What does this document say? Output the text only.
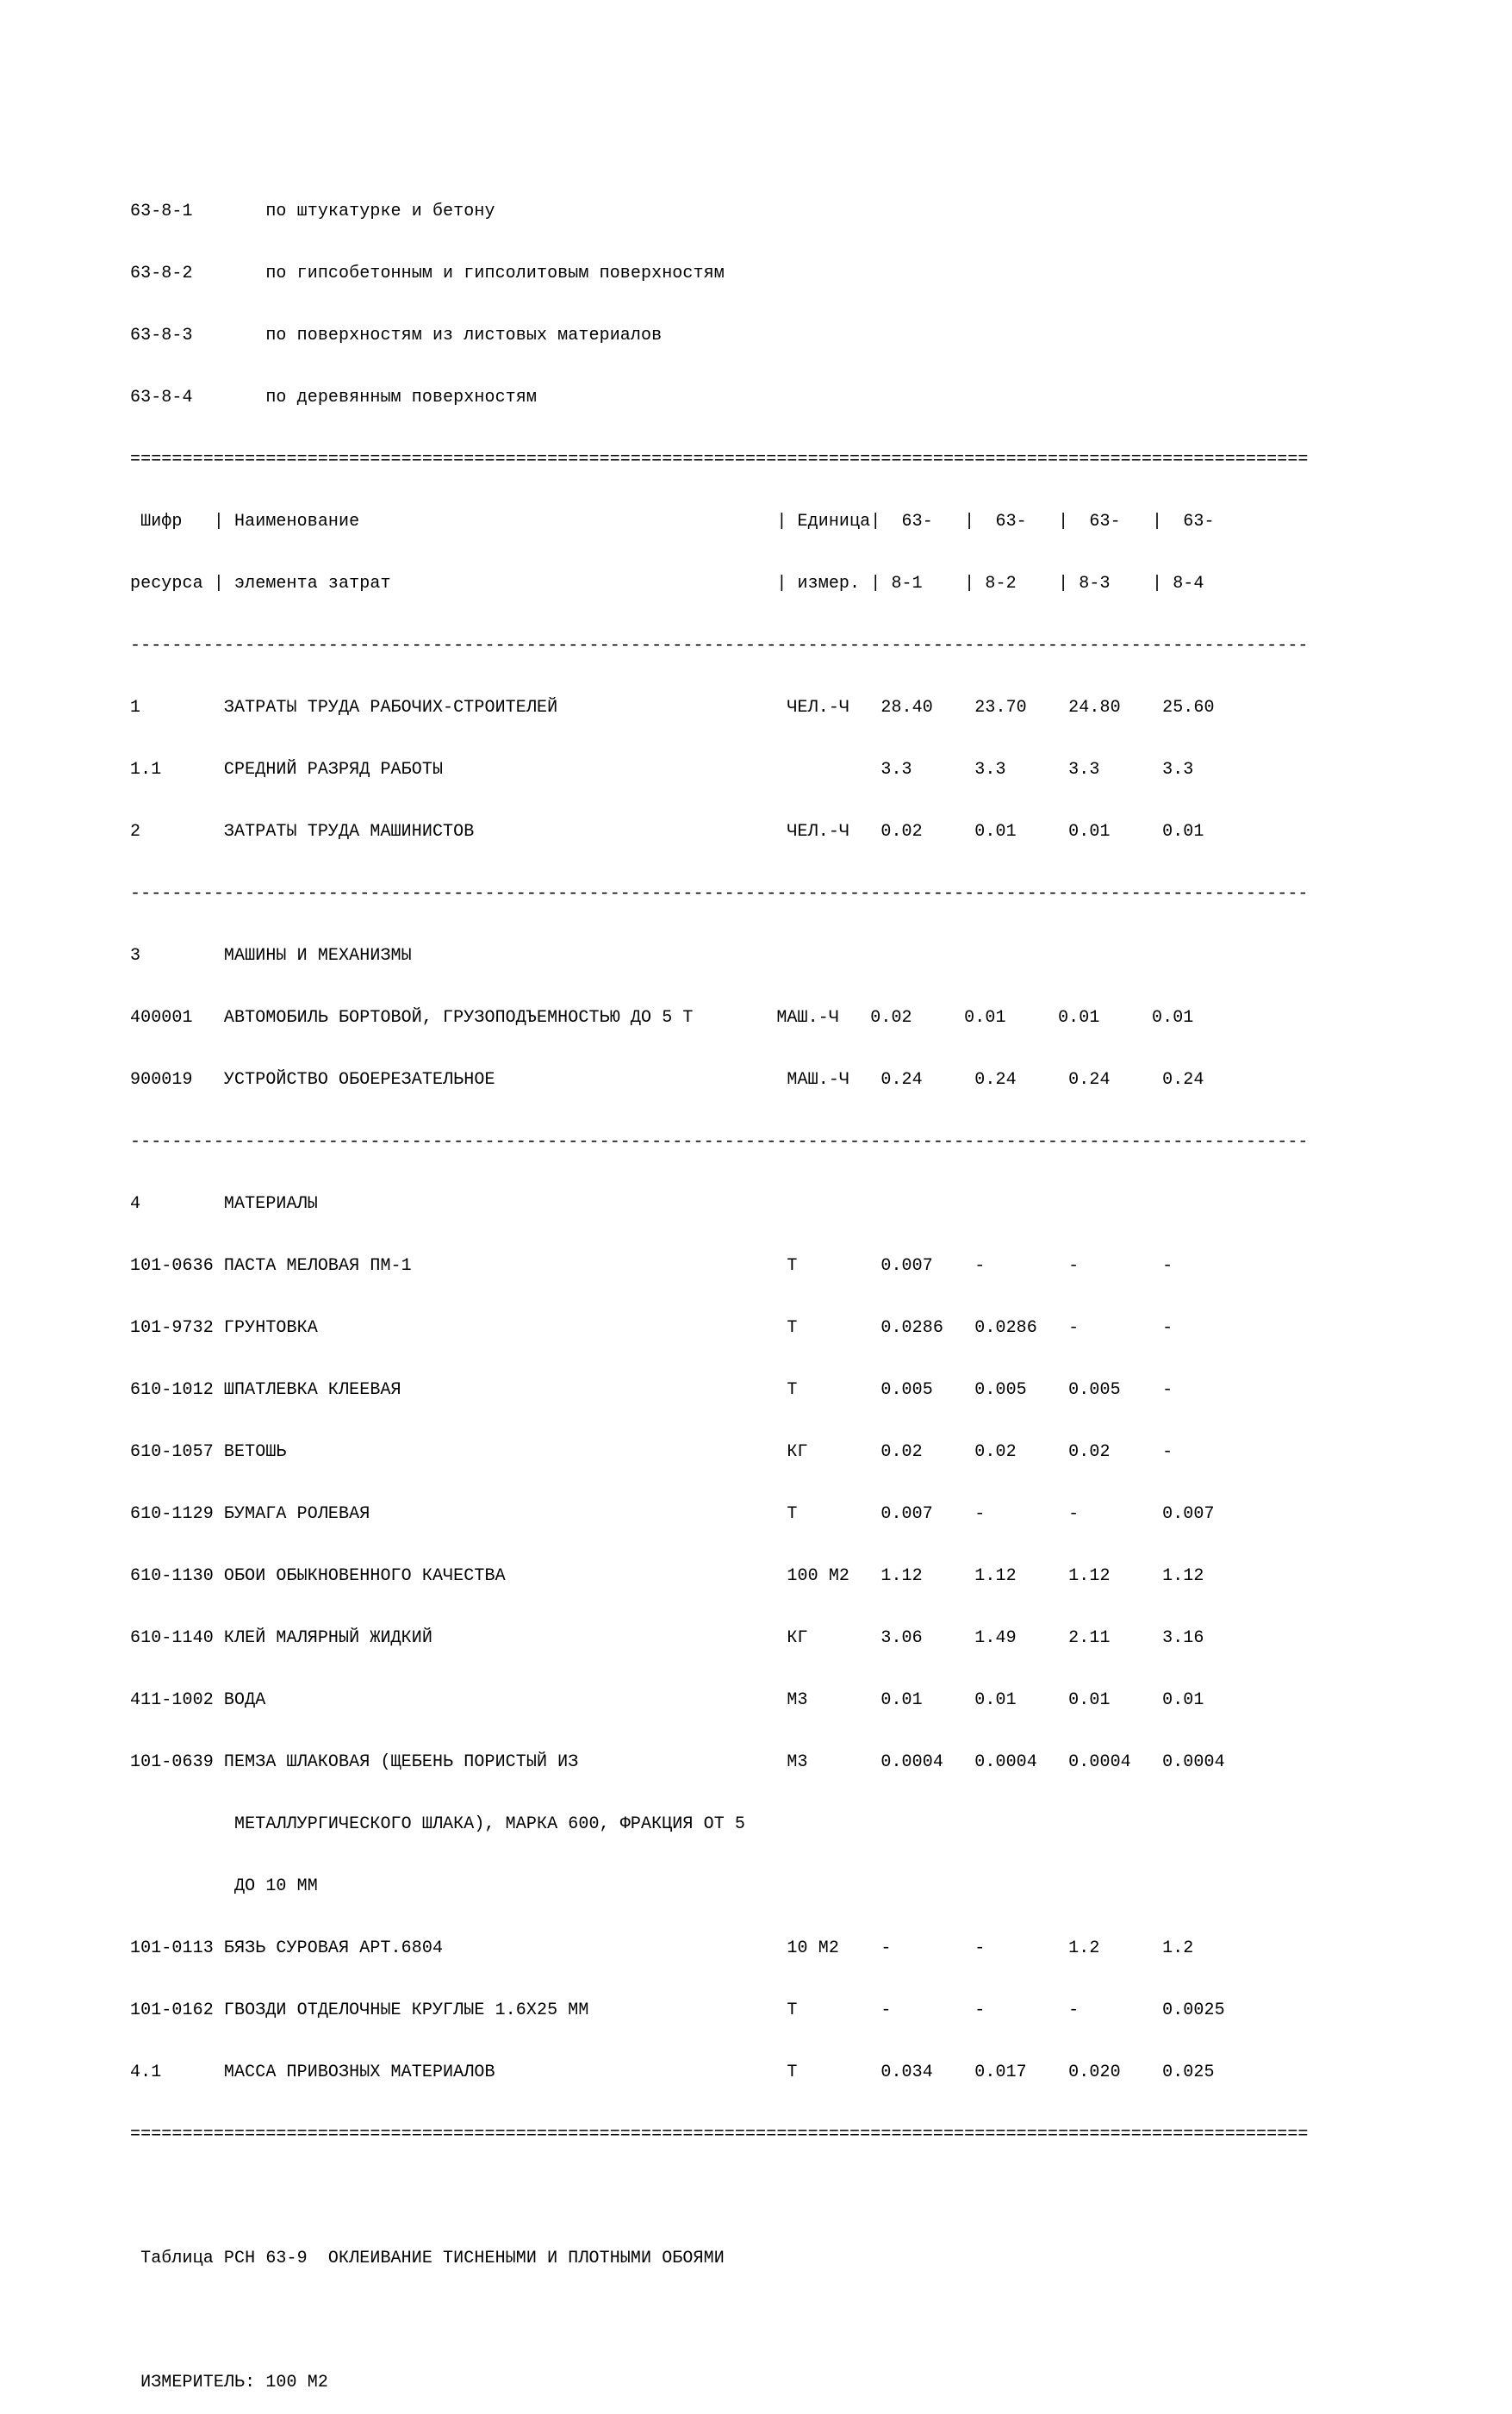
63-8-1       по штукатурке и бетону

63-8-2       по гипсобетонным и гипсолитовым поверхностям

63-8-3       по поверхностям из листовых материалов

63-8-4       по деревянным поверхностям

=================================================================================================================

Шифр   | Наименование                                        | Единица|  63-   |  63-   |  63-   |  63-

ресурса | элемента затрат                                     | измер. | 8-1    | 8-2    | 8-3    | 8-4

-----------------------------------------------------------------------------------------------------------------

1        ЗАТРАТЫ ТРУДА РАБОЧИХ-СТРОИТЕЛЕЙ                      ЧЕЛ.-Ч   28.40    23.70    24.80    25.60

1.1      СРЕДНИЙ РАЗРЯД РАБОТЫ                                          3.3      3.3      3.3      3.3

2        ЗАТРАТЫ ТРУДА МАШИНИСТОВ                              ЧЕЛ.-Ч   0.02     0.01     0.01     0.01

-----------------------------------------------------------------------------------------------------------------

3        МАШИНЫ И МЕХАНИЗМЫ

400001   АВТОМОБИЛЬ БОРТОВОЙ, ГРУЗОПОДЪЕМНОСТЬЮ ДО 5 Т        МАШ.-Ч   0.02     0.01     0.01     0.01

900019   УСТРОЙСТВО ОБОЕРЕЗАТЕЛЬНОЕ                            МАШ.-Ч   0.24     0.24     0.24     0.24

-----------------------------------------------------------------------------------------------------------------

4        МАТЕРИАЛЫ

101-0636 ПАСТА МЕЛОВАЯ ПМ-1                                    Т        0.007    -        -        -

101-9732 ГРУНТОВКА                                             Т        0.0286   0.0286   -        -

610-1012 ШПАТЛЕВКА КЛЕЕВАЯ                                     Т        0.005    0.005    0.005    -

610-1057 ВЕТОШЬ                                                КГ       0.02     0.02     0.02     -

610-1129 БУМАГА РОЛЕВАЯ                                        Т        0.007    -        -        0.007

610-1130 ОБОИ ОБЫКНОВЕННОГО КАЧЕСТВА                           100 М2   1.12     1.12     1.12     1.12

610-1140 КЛЕЙ МАЛЯРНЫЙ ЖИДКИЙ                                  КГ       3.06     1.49     2.11     3.16

411-1002 ВОДА                                                  М3       0.01     0.01     0.01     0.01

101-0639 ПЕМЗА ШЛАКОВАЯ (ЩЕБЕНЬ ПОРИСТЫЙ ИЗ                    М3       0.0004   0.0004   0.0004   0.0004

МЕТАЛЛУРГИЧЕСКОГО ШЛАКА), МАРКА 600, ФРАКЦИЯ ОТ 5

ДО 10 ММ

101-0113 БЯЗЬ СУРОВАЯ АРТ.6804                                 10 М2    -        -        1.2      1.2

101-0162 ГВОЗДИ ОТДЕЛОЧНЫЕ КРУГЛЫЕ 1.6Х25 ММ                   Т        -        -        -        0.0025

4.1      МАССА ПРИВОЗНЫХ МАТЕРИАЛОВ                            Т        0.034    0.017    0.020    0.025

=================================================================================================================

Таблица РСН 63-9  ОКЛЕИВАНИЕ ТИСНЕНЫМИ И ПЛОТНЫМИ ОБОЯМИ

ИЗМЕРИТЕЛЬ: 100 М2
